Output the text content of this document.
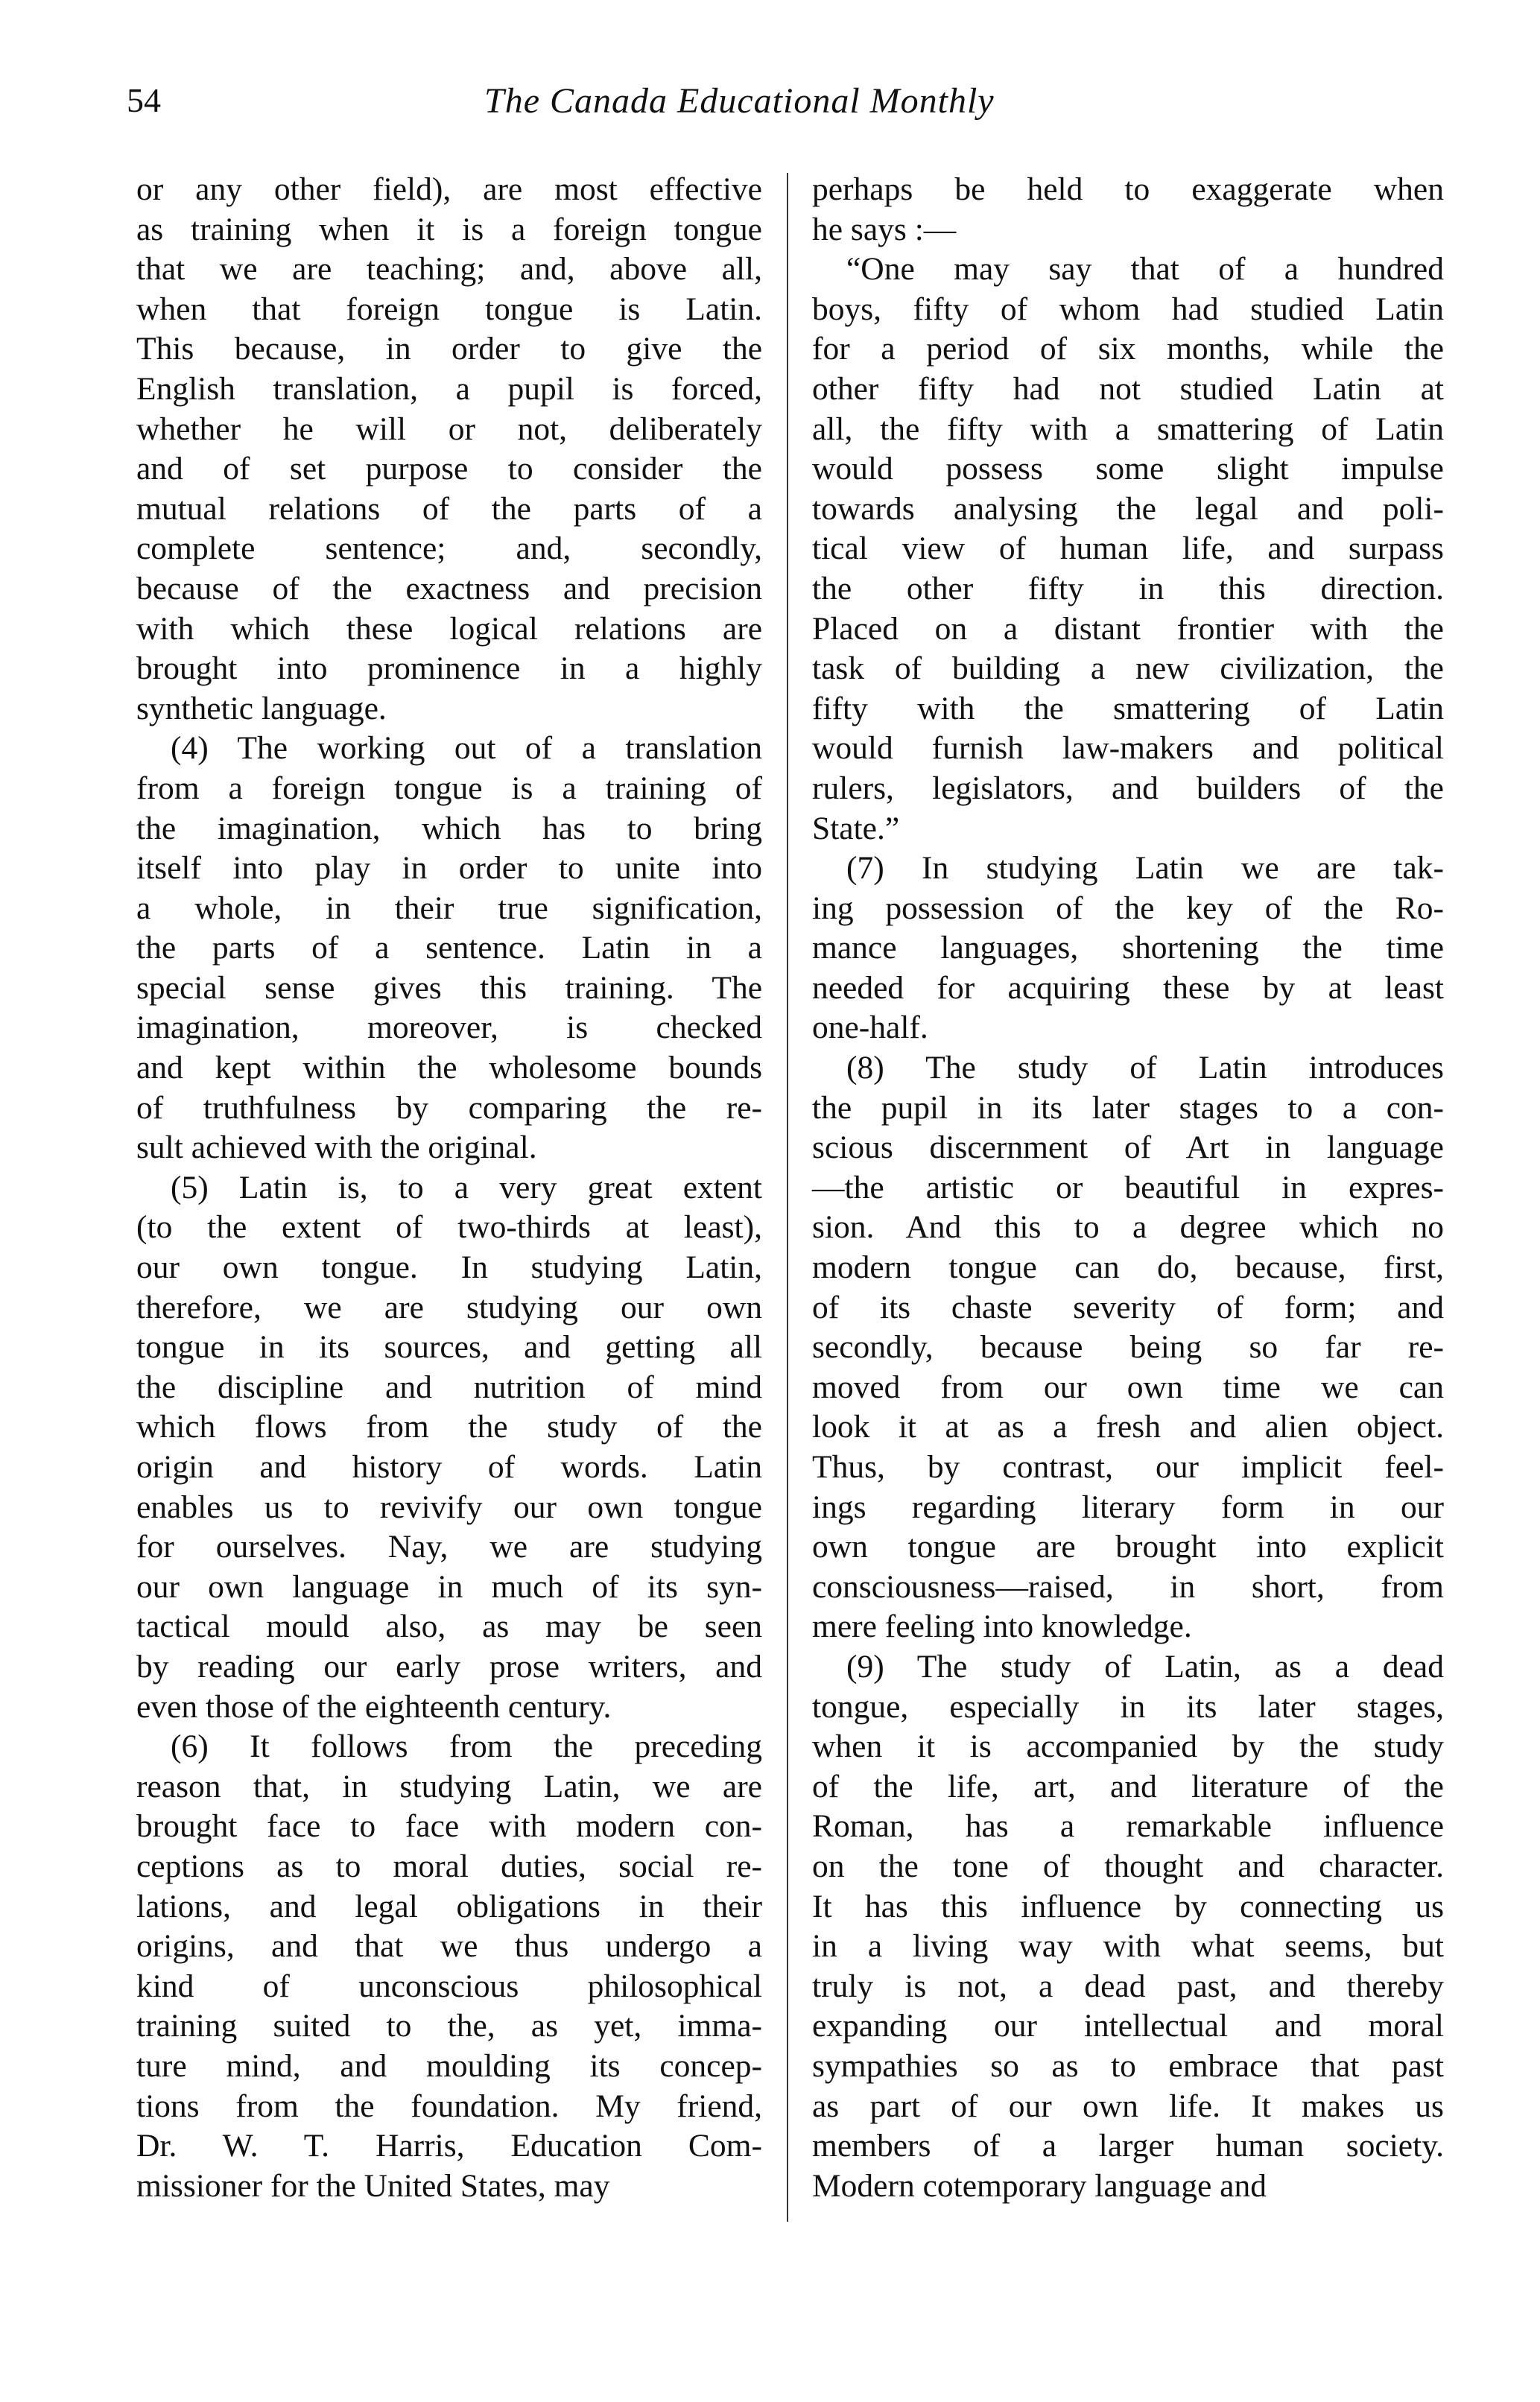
54	The Canada Educational Monthly
or any other field), are most effective
as training when it is a foreign tongue
that we are teaching; and, above all,
when that foreign tongue is Latin.
This because, in order to give the
English translation, a pupil is forced,
whether he will or not, deliberately
and of set purpose to consider the
mutual relations of the parts of a
complete sentence; and, secondly,
because of the exactness and precision
with which these logical relations are
brought into prominence in a highly
synthetic language.
(4) The working out of a translation
from a foreign tongue is a training of
the imagination, which has to bring
itself into play in order to unite into
a whole, in their true signification,
the parts of a sentence. Latin in a
special sense gives this training. The
imagination, moreover, is checked
and kept within the wholesome bounds
of truthfulness by comparing the re-
sult achieved with the original.
(5) Latin is, to a very great extent
(to the extent of two-thirds at least),
our own tongue. In studying Latin,
therefore, we are studying our own
tongue in its sources, and getting all
the discipline and nutrition of mind
which flows from the study of the
origin and history of words. Latin
enables us to revivify our own tongue
for ourselves. Nay, we are studying
our own language in much of its syn-
tactical mould also, as may be seen
by reading our early prose writers, and
even those of the eighteenth century.
(6) It follows from the preceding
reason that, in studying Latin, we are
brought face to face with modern con-
ceptions as to moral duties, social re-
lations, and legal obligations in their
origins, and that we thus undergo a
kind of unconscious philosophical
training suited to the, as yet, imma-
ture mind, and moulding its concep-
tions from the foundation. My friend,
Dr. W. T. Harris, Education Com-
missioner for the United States, may
perhaps be held to exaggerate when
he says :—
“One may say that of a hundred
boys, fifty of whom had studied Latin
for a period of six months, while the
other fifty had not studied Latin at
all, the fifty with a smattering of Latin
would possess some slight impulse
towards analysing the legal and poli-
tical view of human life, and surpass
the other fifty in this direction.
Placed on a distant frontier with the
task of building a new civilization, the
fifty with the smattering of Latin
would furnish law-makers and political
rulers, legislators, and builders of the
State.”
(7) In studying Latin we are tak-
ing possession of the key of the Ro-
mance languages, shortening the time
needed for acquiring these by at least
one-half.
(8) The study of Latin introduces
the pupil in its later stages to a con-
scious discernment of Art in language
—the artistic or beautiful in expres-
sion. And this to a degree which no
modern tongue can do, because, first,
of its chaste severity of form; and
secondly, because being so far re-
moved from our own time we can
look it at as a fresh and alien object.
Thus, by contrast, our implicit feel-
ings regarding literary form in our
own tongue are brought into explicit
consciousness—raised, in short, from
mere feeling into knowledge.
(9) The study of Latin, as a dead
tongue, especially in its later stages,
when it is accompanied by the study
of the life, art, and literature of the
Roman, has a remarkable influence
on the tone of thought and character.
It has this influence by connecting us
in a living way with what seems, but
truly is not, a dead past, and thereby
expanding our intellectual and moral
sympathies so as to embrace that past
as part of our own life. It makes us
members of a larger human society.
Modern cotemporary language and
